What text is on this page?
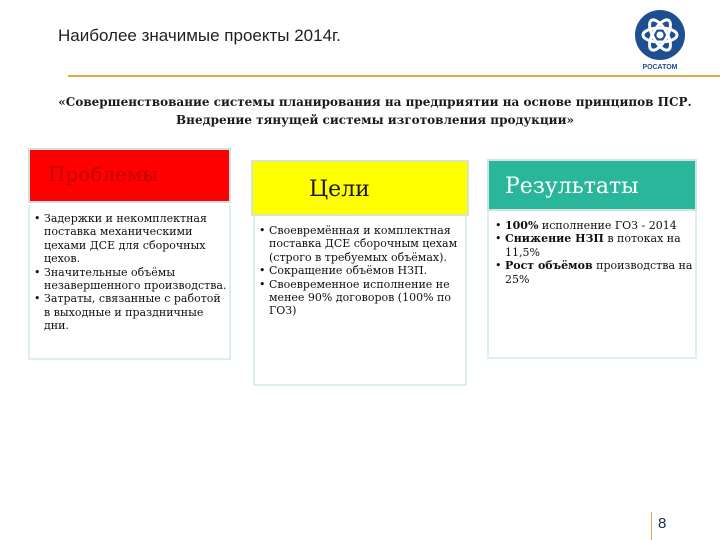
Наиболее значимые проекты 2014г.
РОСАТОМ
«Совершенствование системы планирования на предприятии на основе принципов ПСР.
Внедрение тянущей системы изготовления продукции»
Проблемы
• Задержки и некомплектная поставка механическими цехами ДСЕ для сборочных цехов.
• Значительные объёмы незавершенного производства.
• Затраты, связанные с работой в выходные и праздничные дни.
Цели
• Своевремённая и комплектная поставка ДСЕ сборочным цехам (строго в требуемых объёмах).
• Сокращение объёмов НЗП.
• Своевременное исполнение не менее 90% договоров (100% по ГОЗ)
Результаты
• 100% исполнение ГОЗ - 2014
• Снижение НЗП в потоках на 11,5%
• Рост объёмов производства на 25%
8
